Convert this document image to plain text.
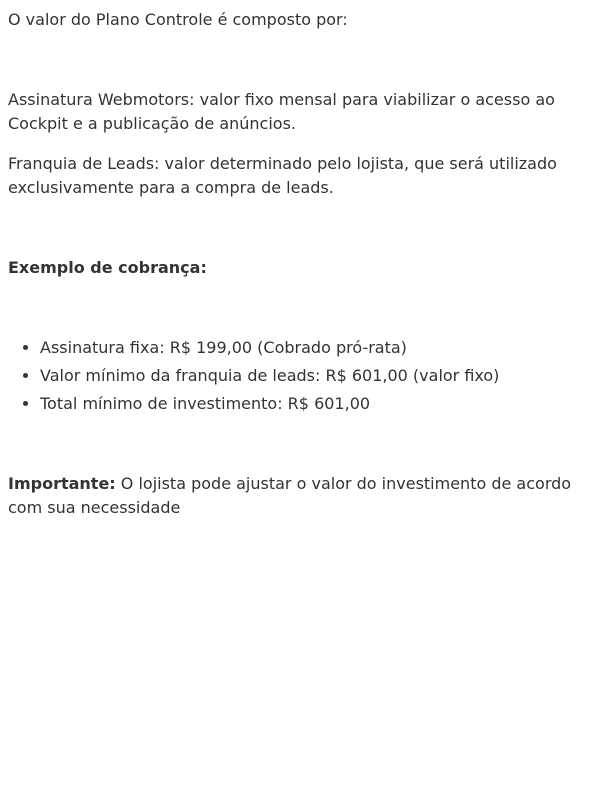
O valor do Plano Controle é composto por:

Assinatura Webmotors: valor fixo mensal para viabilizar o acesso ao Cockpit e a publicação de anúncios.

Franquia de Leads: valor determinado pelo lojista, que será utilizado exclusivamente para a compra de leads.

Exemplo de cobrança:

• Assinatura fixa: R$ 199,00 (Cobrado pró-rata)
• Valor mínimo da franquia de leads: R$ 601,00 (valor fixo)
• Total mínimo de investimento: R$ 601,00

Importante: O lojista pode ajustar o valor do investimento de acordo com sua necessidade
